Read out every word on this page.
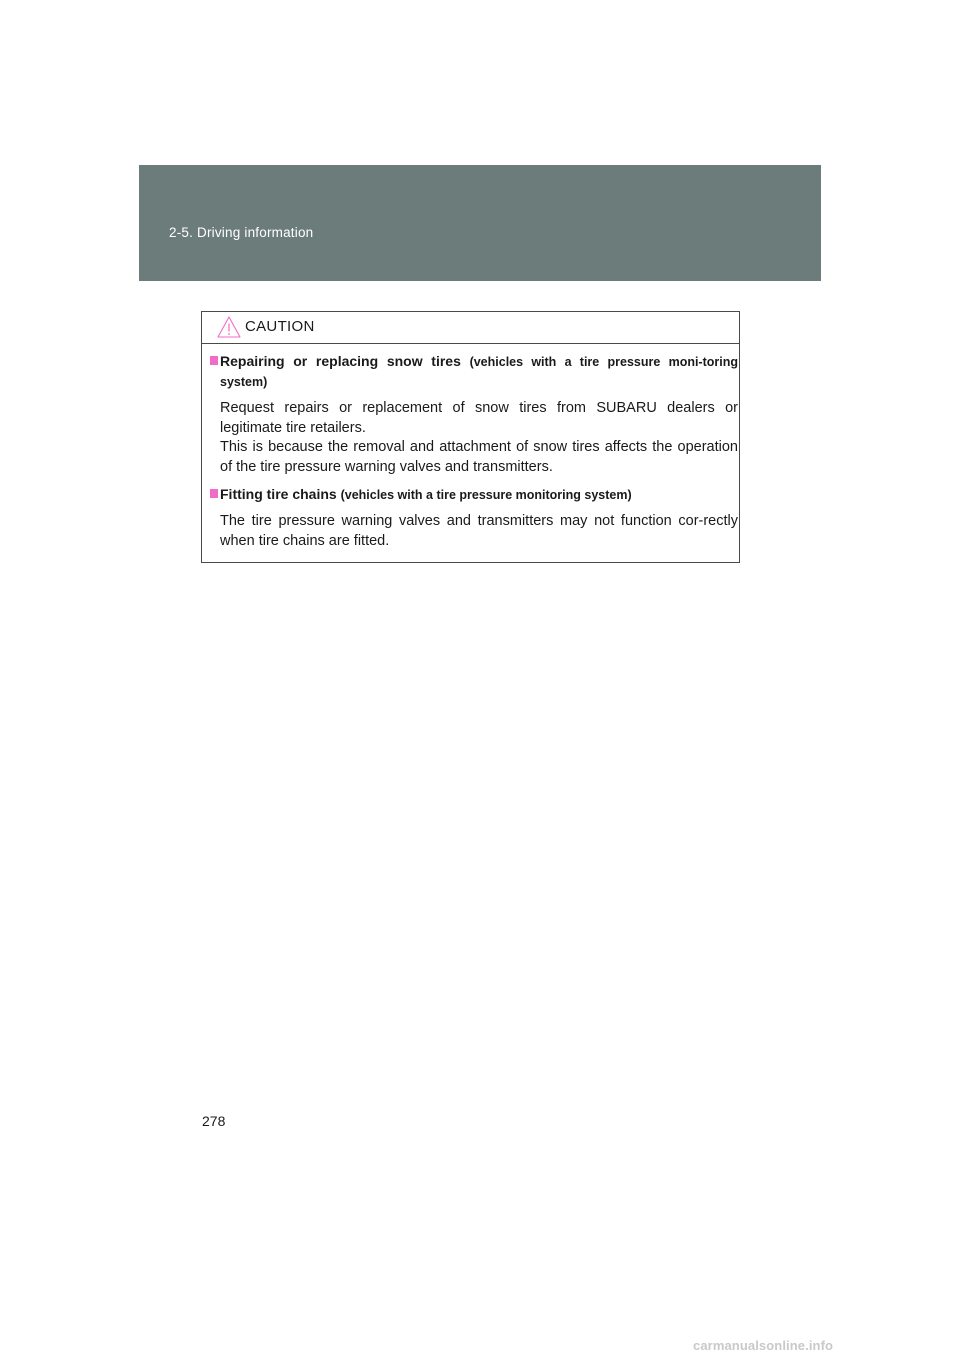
2-5. Driving information
CAUTION
Repairing or replacing snow tires (vehicles with a tire pressure moni-toring system)
Request repairs or replacement of snow tires from SUBARU dealers or legitimate tire retailers.
This is because the removal and attachment of snow tires affects the operation of the tire pressure warning valves and transmitters.
Fitting tire chains (vehicles with a tire pressure monitoring system)
The tire pressure warning valves and transmitters may not function cor-rectly when tire chains are fitted.
278
carmanualsonline.info
